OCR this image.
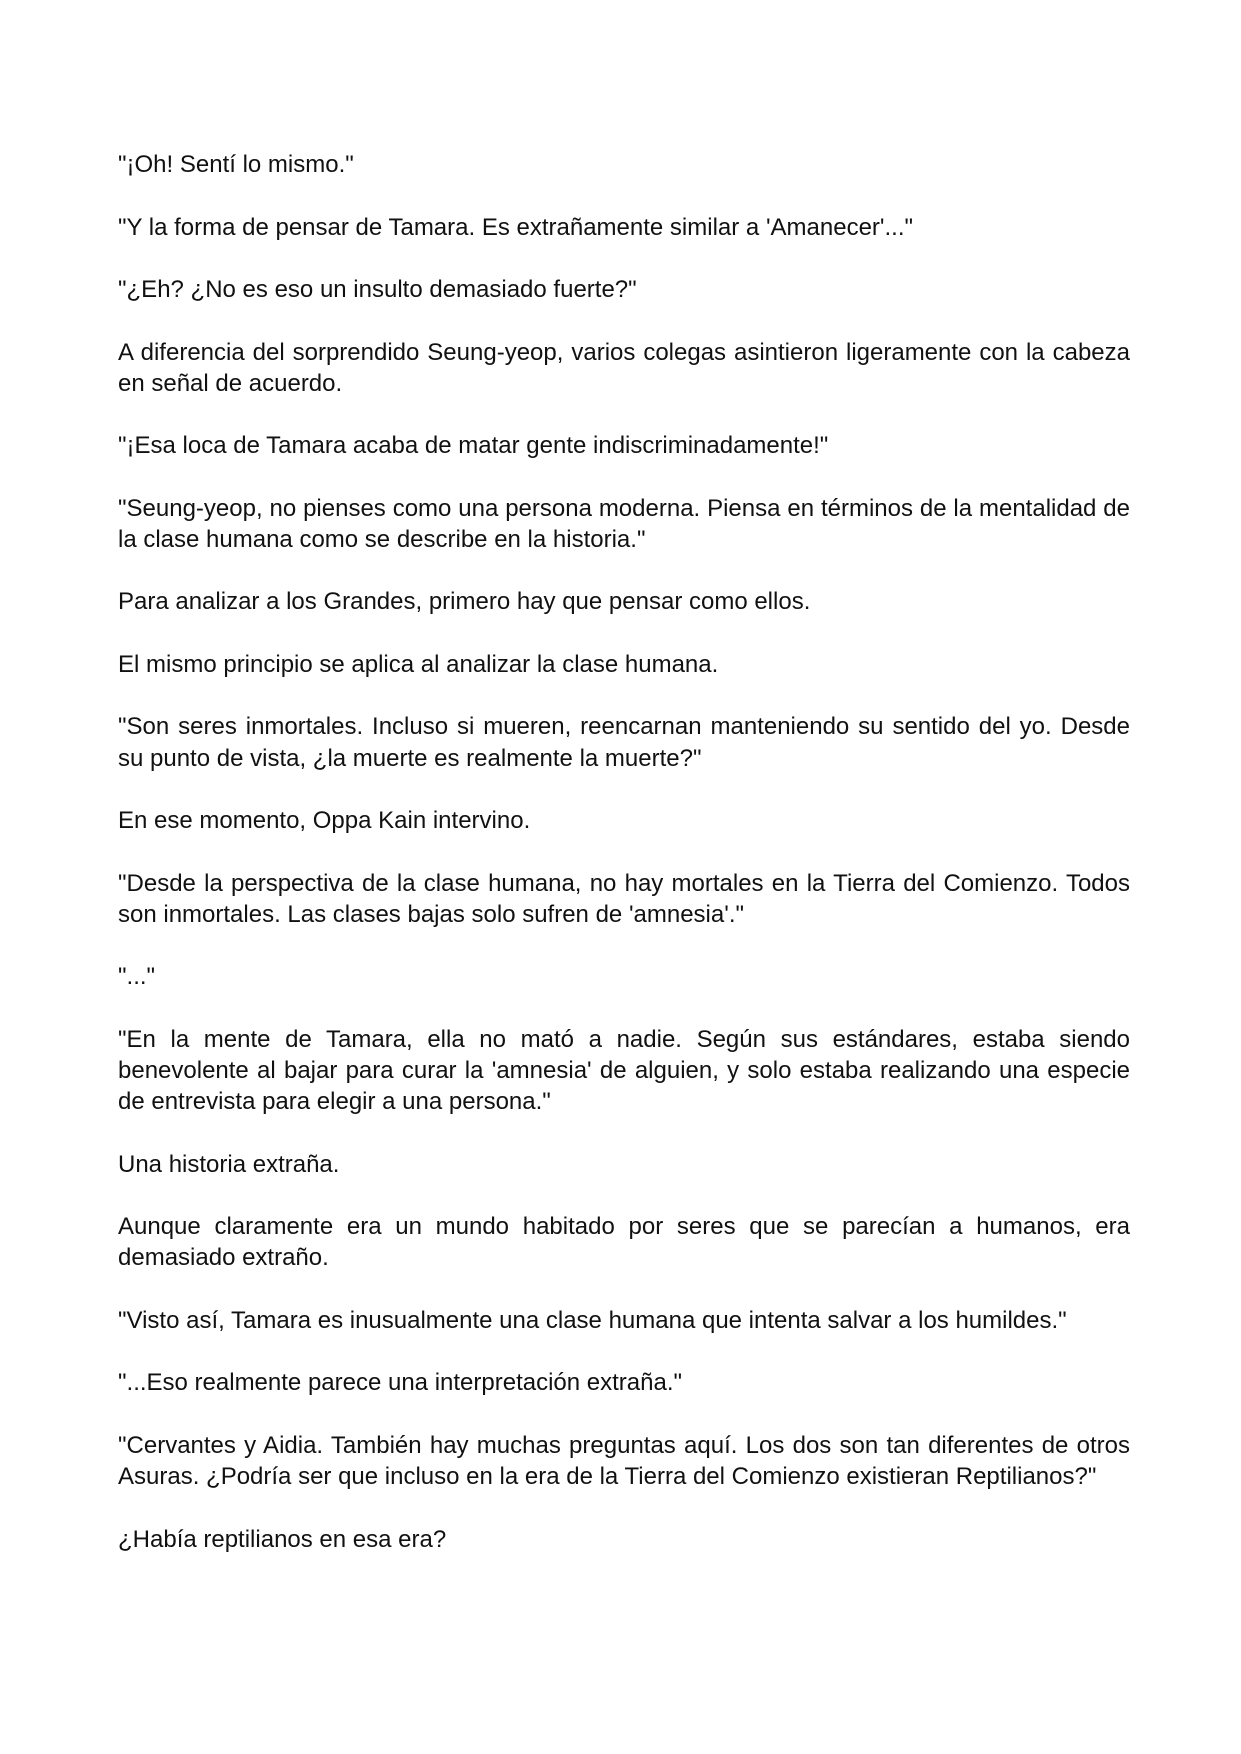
"¡Oh! Sentí lo mismo."

"Y la forma de pensar de Tamara. Es extrañamente similar a 'Amanecer'..."

"¿Eh? ¿No es eso un insulto demasiado fuerte?"

A diferencia del sorprendido Seung-yeop, varios colegas asintieron ligeramente con la cabeza en señal de acuerdo.

"¡Esa loca de Tamara acaba de matar gente indiscriminadamente!"

"Seung-yeop, no pienses como una persona moderna. Piensa en términos de la mentalidad de la clase humana como se describe en la historia."

Para analizar a los Grandes, primero hay que pensar como ellos.

El mismo principio se aplica al analizar la clase humana.

"Son seres inmortales. Incluso si mueren, reencarnan manteniendo su sentido del yo. Desde su punto de vista, ¿la muerte es realmente la muerte?"

En ese momento, Oppa Kain intervino.

"Desde la perspectiva de la clase humana, no hay mortales en la Tierra del Comienzo. Todos son inmortales. Las clases bajas solo sufren de 'amnesia'."

"..."

"En la mente de Tamara, ella no mató a nadie. Según sus estándares, estaba siendo benevolente al bajar para curar la 'amnesia' de alguien, y solo estaba realizando una especie de entrevista para elegir a una persona."

Una historia extraña.

Aunque claramente era un mundo habitado por seres que se parecían a humanos, era demasiado extraño.

"Visto así, Tamara es inusualmente una clase humana que intenta salvar a los humildes."

"...Eso realmente parece una interpretación extraña."

"Cervantes y Aidia. También hay muchas preguntas aquí. Los dos son tan diferentes de otros Asuras. ¿Podría ser que incluso en la era de la Tierra del Comienzo existieran Reptilianos?"

¿Había reptilianos en esa era?
